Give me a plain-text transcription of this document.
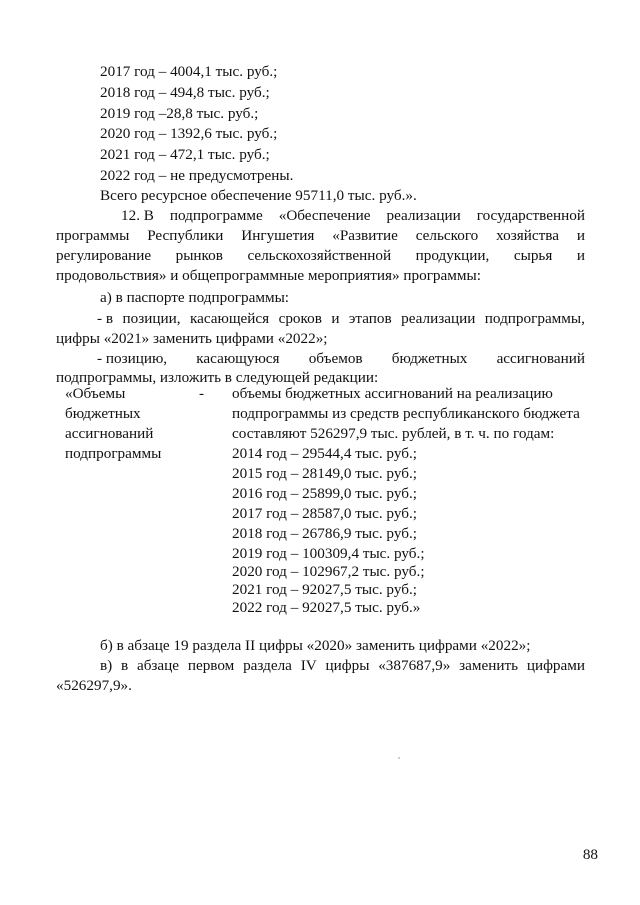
2017 год – 4004,1 тыс. руб.;
2018 год – 494,8 тыс. руб.;
2019 год –28,8 тыс. руб.;
2020 год – 1392,6 тыс. руб.;
2021 год – 472,1 тыс. руб.;
2022 год – не предусмотрены.
Всего ресурсное обеспечение 95711,0 тыс. руб.».
12. В подпрограмме «Обеспечение реализации государственной
программы Республики Ингушетия «Развитие сельского хозяйства и
регулирование рынков сельскохозяйственной продукции, сырья и
продовольствия» и общепрограммные мероприятия» программы:
а) в паспорте подпрограммы:
- в позиции, касающейся сроков и этапов реализации подпрограммы,
цифры «2021» заменить цифрами «2022»;
- позицию, касающуюся объемов бюджетных ассигнований
подпрограммы, изложить в следующей редакции:
«Объемы
бюджетных
ассигнований
подпрограммы
- объемы бюджетных ассигнований на реализацию
подпрограммы из средств республиканского бюджета
составляют 526297,9 тыс. рублей, в т. ч. по годам:
2014 год – 29544,4 тыс. руб.;
2015 год – 28149,0 тыс. руб.;
2016 год – 25899,0 тыс. руб.;
2017 год – 28587,0 тыс. руб.;
2018 год – 26786,9 тыс. руб.;
2019 год – 100309,4 тыс. руб.;
2020 год – 102967,2 тыс. руб.;
2021 год – 92027,5 тыс. руб.;
2022 год – 92027,5 тыс. руб.»
б) в абзаце 19 раздела II цифры «2020» заменить цифрами «2022»;
в) в абзаце первом раздела IV цифры «387687,9» заменить цифрами
«526297,9».
88
